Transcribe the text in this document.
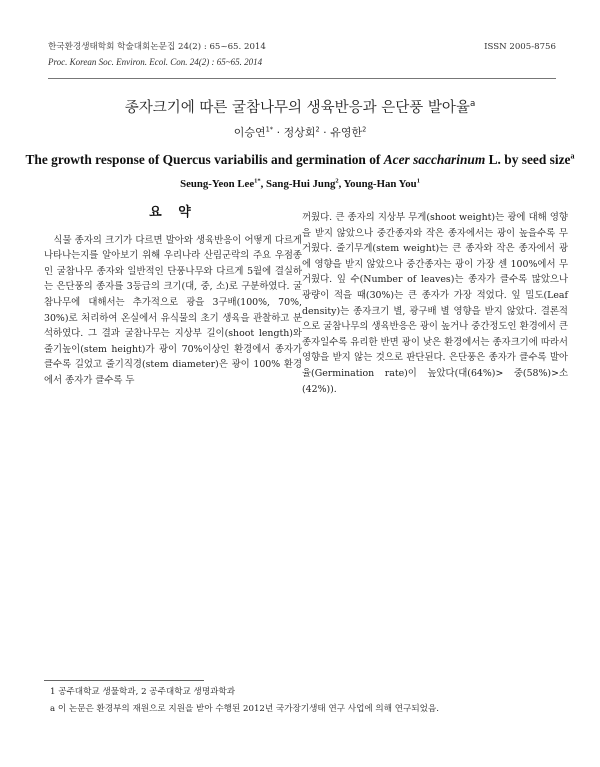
한국환경생태학회 학술대회논문집 24(2) : 65~65. 2014	ISSN 2005-8756
Proc. Korean Soc. Environ. Ecol. Con. 24(2) : 65~65. 2014
종자크기에 따른 굴참나무의 생육반응과 은단풍 발아율$^a$
이승연$^{1*}$ · 정상회$^2$ · 유영한$^2$
The growth response of Quercus variabilis and germination of Acer saccharinum L. by seed size$^a$
Seung-Yeon Lee$^{1*}$, Sang-Hui Jung$^2$, Young-Han You$^1$
요 약

식물 종자의 크기가 다르면 발아와 생육반응이 어떻게 다르게 나타나는지를 알아보기 위해 우리나라 산림군락의 주요 우점종인 굴참나무 종자와 일반적인 단풍나무와 다르게 5월에 결실하는 은단풍의 종자를 3등급의 크기(대, 중, 소)로 구분하였다. 굴참나무에 대해서는 추가적으로 광을 3구배(100%, 70%, 30%)로 처리하여 온실에서 유식물의 초기 생육을 관찰하고 분석하였다. 그 결과 굴참나무는 지상부 길이(shoot length)와 줄기높이(stem height)가 광이 70%이상인 환경에서 종자가 클수록 길었고 줄기직경(stem diameter)은 광이 100% 환경에서 종자가 클수록 두

꺼웠다. 큰 종자의 지상부 무게(shoot weight)는 광에 대해 영향을 받지 않았으나 중간종자와 작은 종자에서는 광이 높을수록 무거웠다. 줄기무게(stem weight)는 큰 종자와 작은 종자에서 광에 영향을 받지 않았으나 중간종자는 광이 가장 센 100%에서 무거웠다. 잎 수(Number of leaves)는 종자가 클수록 많았으나 광량이 적을 때(30%)는 큰 종자가 가장 적었다. 잎 밀도(Leaf density)는 종자크기 별, 광구배 별 영향을 받지 않았다. 결론적으로 굴참나무의 생육반응은 광이 높거나 중간정도인 환경에서 큰 종자일수록 유리한 반면 광이 낮은 환경에서는 종자크기에 따라서 영향을 받지 않는 것으로 판단된다. 은단풍은 종자가 클수록 발아율(Germination rate)이 높았다(대(64%)> 중(58%)>소(42%)).

1 공주대학교 생물학과, 2 공주대학교 생명과학과
a 이 논문은 환경부의 재원으로 지원을 받아 수행된 2012년 국가장기생태 연구 사업에 의해 연구되었음.
